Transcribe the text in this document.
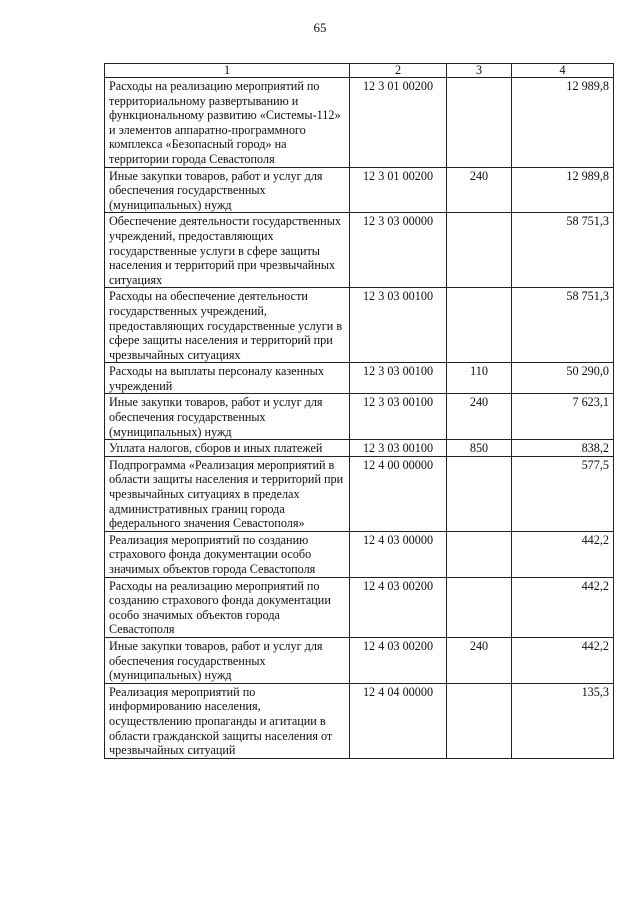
65
1	2	3	4
Расходы на реализацию мероприятий по территориальному развертыванию и функциональному развитию «Системы-112» и элементов аппаратно-программного комплекса «Безопасный город» на территории города Севастополя	12 3 01 00200		12 989,8
Иные закупки товаров, работ и услуг для обеспечения государственных (муниципальных) нужд	12 3 01 00200	240	12 989,8
Обеспечение деятельности государственных учреждений, предоставляющих государственные услуги в сфере защиты населения и территорий при чрезвычайных ситуациях	12 3 03 00000		58 751,3
Расходы на обеспечение деятельности государственных учреждений, предоставляющих государственные услуги в сфере защиты населения и территорий при чрезвычайных ситуациях	12 3 03 00100		58 751,3
Расходы на выплаты персоналу казенных учреждений	12 3 03 00100	110	50 290,0
Иные закупки товаров, работ и услуг для обеспечения государственных (муниципальных) нужд	12 3 03 00100	240	7 623,1
Уплата налогов, сборов и иных платежей	12 3 03 00100	850	838,2
Подпрограмма «Реализация мероприятий в области защиты населения и территорий при чрезвычайных ситуациях в пределах административных границ города федерального значения Севастополя»	12 4 00 00000		577,5
Реализация мероприятий по созданию страхового фонда документации особо значимых объектов города Севастополя	12 4 03 00000		442,2
Расходы на реализацию мероприятий по созданию страхового фонда документации особо значимых объектов города Севастополя	12 4 03 00200		442,2
Иные закупки товаров, работ и услуг для обеспечения государственных (муниципальных) нужд	12 4 03 00200	240	442,2
Реализация мероприятий по информированию населения, осуществлению пропаганды и агитации в области гражданской защиты населения от чрезвычайных ситуаций	12 4 04 00000		135,3
